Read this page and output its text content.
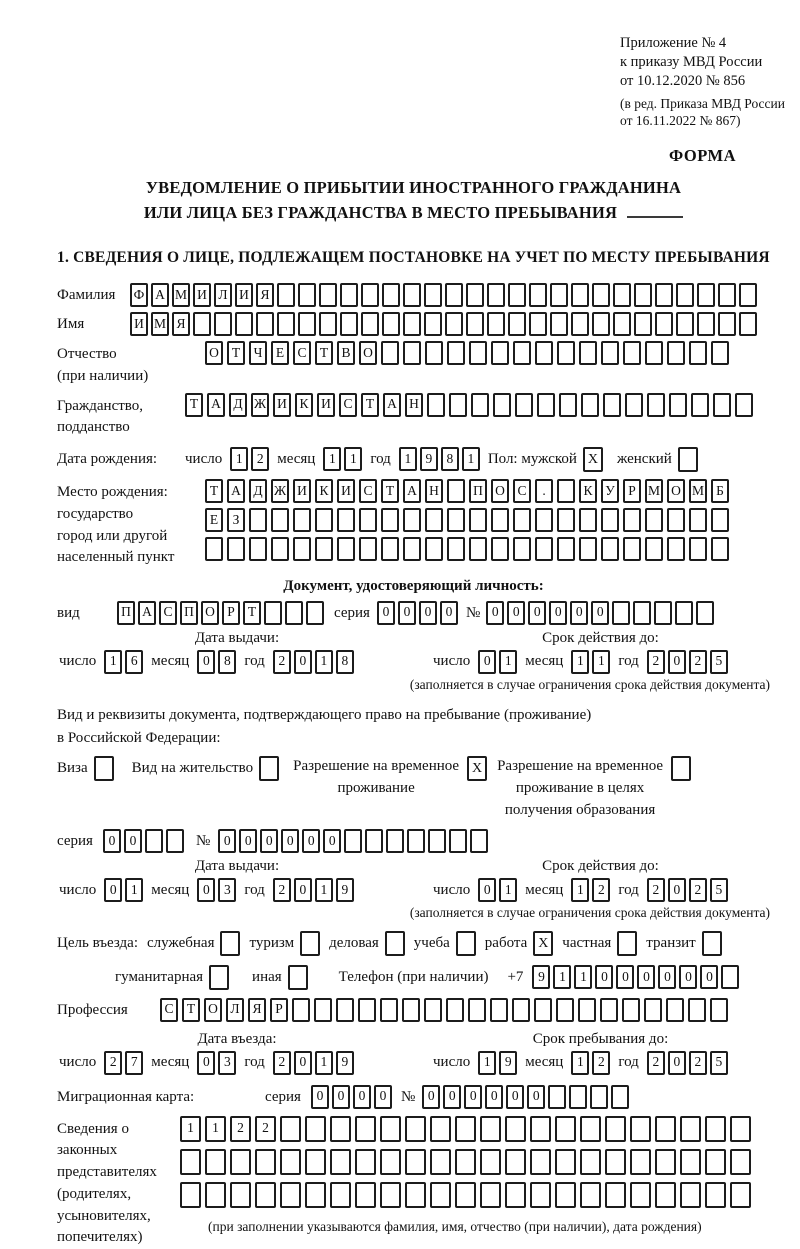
Приложение № 4
к приказу МВД России
от 10.12.2020 № 856
(в ред. Приказа МВД России
от 16.11.2022 № 867)
ФОРМА
УВЕДОМЛЕНИЕ О ПРИБЫТИИ ИНОСТРАННОГО ГРАЖДАНИНА
ИЛИ ЛИЦА БЕЗ ГРАЖДАНСТВА В МЕСТО ПРЕБЫВАНИЯ
1. СВЕДЕНИЯ О ЛИЦЕ, ПОДЛЕЖАЩЕМ ПОСТАНОВКЕ НА УЧЕТ ПО МЕСТУ ПРЕБЫВАНИЯ
Фамилия	Ф А М И Л И Я
Имя	И М Я
Отчество
(при наличии)
О Т Ч Е С Т В О
Гражданство,
подданство
Т А Д Ж И К И С Т А Н
Дата рождения:	число	1	2 месяц	1	1 год	1	9	8	1 Пол: мужской X	женский
Место рождения:
государство
город или другой
населенный пункт
Т А Д Ж И К И С Т А Н	П О С	.	К У Р М О М Б
Е	З
Документ, удостоверяющий личность:
вид	П А С П О Р Т	серия 0	0	0	0 № 0	0	0	0	0	0
Дата выдачи:
число	1	6 месяц	0	8 год	2	0	1	8
Срок действия до:
число	0	1 месяц	1	1 год	2	0	2	5
(заполняется в случае ограничения срока действия документа)
Вид и реквизиты документа, подтверждающего право на пребывание (проживание)
в Российской Федерации:
Виза	Вид на жительство	Разрешение на временное
проживание
X Разрешение на временное
проживание в целях
получения образования
серия	0	0	№	0	0	0	0	0	0
Дата выдачи:
число	0	1 месяц	0	3 год	2	0	1	9
Срок действия до:
число	0	1 месяц	1	2 год	2	0	2	5
(заполняется в случае ограничения срока действия документа)
Цель въезда: служебная туризм деловая учеба работа X частная транзит
гуманитарная	иная	Телефон (при наличии) +7	9	1	1	0	0	0	0	0	0
Профессия	С Т О Л Я	Р
Дата въезда:
число	2	7 месяц	0	3 год	2	0	1	9
Срок пребывания до:
число	1	9 месяц	1	2 год	2	0	2	5
Миграционная карта:	серия	0	0	0	0 № 0	0	0	0	0	0
Сведения о
законных
представителях
(родителях,
усыновителях,
попечителях)
1	1	2	2
(при заполнении указываются фамилия, имя, отчество (при наличии), дата рождения)
